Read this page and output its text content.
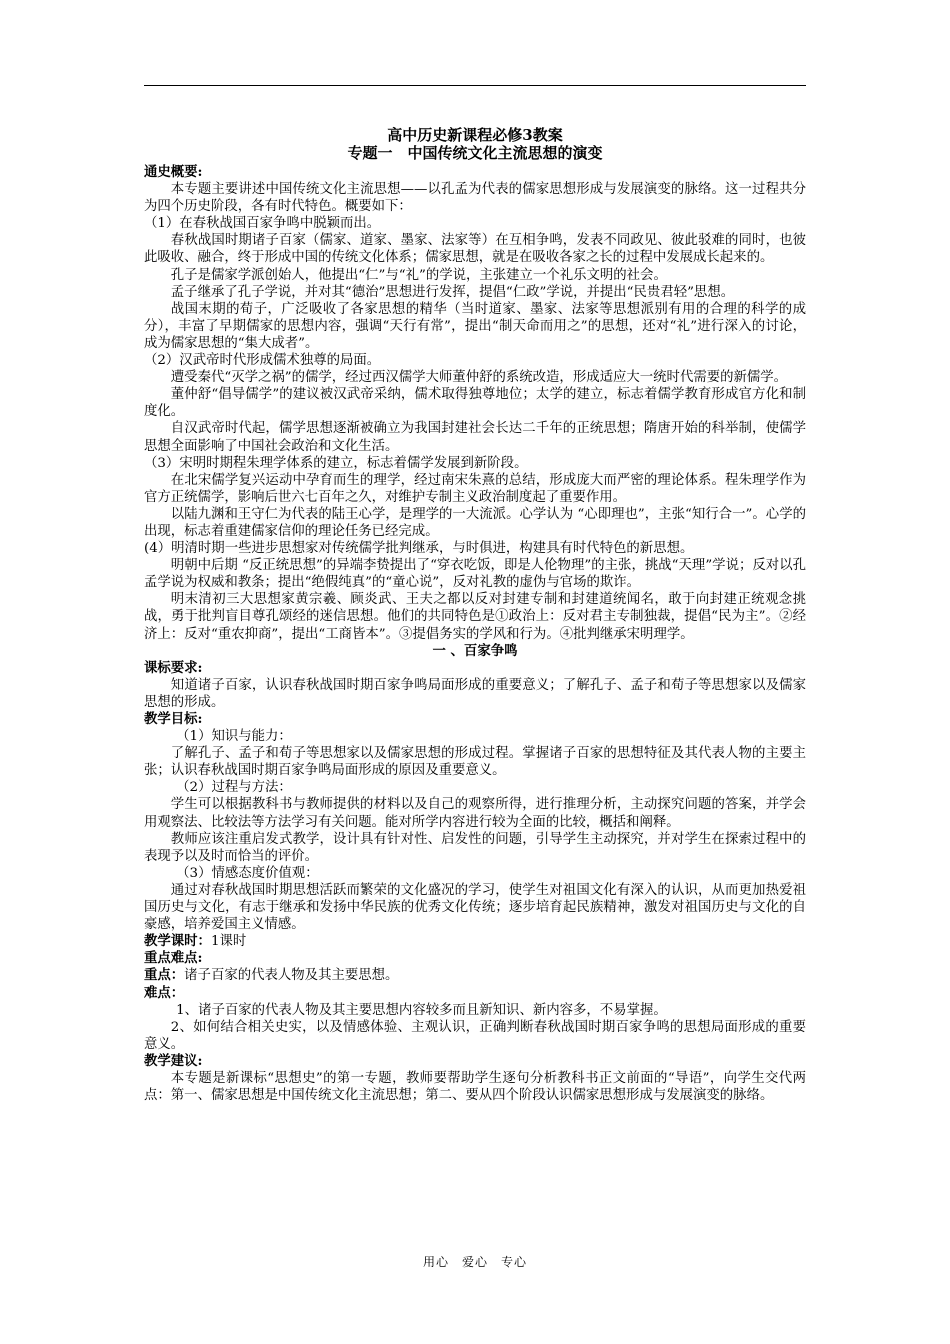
高中历史新课程必修3教案
专题一　中国传统文化主流思想的演变
通史概要:
本专题主要讲述中国传统文化主流思想——以孔孟为代表的儒家思想形成与发展演变的脉络。这一过程共分为四个历史阶段，各有时代特色。概要如下：
（1）在春秋战国百家争鸣中脱颖而出。
春秋战国时期诸子百家（儒家、道家、墨家、法家等）在互相争鸣，发表不同政见、彼此驳难的同时，也彼此吸收、融合，终于形成中国的传统文化体系；儒家思想，就是在吸收各家之长的过程中发展成长起来的。
孔子是儒家学派创始人，他提出“仁”与“礼”的学说，主张建立一个礼乐文明的社会。
孟子继承了孔子学说，并对其“德治”思想进行发挥，提倡“仁政”学说，并提出“民贵君轻”思想。
战国末期的荀子，广泛吸收了各家思想的精华（当时道家、墨家、法家等思想派别有用的合理的科学的成分），丰富了早期儒家的思想内容，强调“天行有常”，提出“制天命而用之”的思想，还对“礼”进行深入的讨论，成为儒家思想的“集大成者”。
（2）汉武帝时代形成儒术独尊的局面。
遭受秦代“灭学之祸”的儒学，经过西汉儒学大师董仲舒的系统改造，形成适应大一统时代需要的新儒学。
董仲舒“倡导儒学”的建议被汉武帝采纳，儒术取得独尊地位；太学的建立，标志着儒学教育形成官方化和制度化。
自汉武帝时代起，儒学思想逐渐被确立为我国封建社会长达二千年的正统思想；隋唐开始的科举制，使儒学思想全面影响了中国社会政治和文化生活。
（3）宋明时期程朱理学体系的建立，标志着儒学发展到新阶段。
在北宋儒学复兴运动中孕育而生的理学，经过南宋朱熹的总结，形成庞大而严密的理论体系。程朱理学作为官方正统儒学，影响后世六七百年之久，对维护专制主义政治制度起了重要作用。
以陆九渊和王守仁为代表的陆王心学，是理学的一大流派。心学认为 “心即理也”，主张“知行合一”。心学的出现，标志着重建儒家信仰的理论任务已经完成。
(4）明清时期一些进步思想家对传统儒学批判继承，与时俱进，构建具有时代特色的新思想。
明朝中后期 “反正统思想”的异端李贽提出了“穿衣吃饭，即是人伦物理”的主张，挑战“天理”学说；反对以孔孟学说为权威和教条；提出“绝假纯真”的“童心说”，反对礼教的虚伪与官场的欺诈。
明末清初三大思想家黄宗羲、顾炎武、王夫之都以反对封建专制和封建道统闻名，敢于向封建正统观念挑战，勇于批判盲目尊孔颂经的迷信思想。他们的共同特色是①政治上：反对君主专制独裁，提倡“民为主”。②经济上：反对“重农抑商”，提出“工商皆本”。③提倡务实的学风和行为。④批判继承宋明理学。
一 、百家争鸣
课标要求:
知道诸子百家，认识春秋战国时期百家争鸣局面形成的重要意义；了解孔子、孟子和荀子等思想家以及儒家思想的形成。
教学目标:
（1）知识与能力：
了解孔子、孟子和荀子等思想家以及儒家思想的形成过程。掌握诸子百家的思想特征及其代表人物的主要主张；认识春秋战国时期百家争鸣局面形成的原因及重要意义。
（2）过程与方法：
学生可以根据教科书与教师提供的材料以及自己的观察所得，进行推理分析，主动探究问题的答案，并学会用观察法、比较法等方法学习有关问题。能对所学内容进行较为全面的比较，概括和阐释。
教师应该注重启发式教学，设计具有针对性、启发性的问题，引导学生主动探究，并对学生在探索过程中的表现予以及时而恰当的评价。
（3）情感态度价值观：
通过对春秋战国时期思想活跃而繁荣的文化盛况的学习，使学生对祖国文化有深入的认识，从而更加热爱祖国历史与文化，有志于继承和发扬中华民族的优秀文化传统；逐步培育起民族精神，激发对祖国历史与文化的自豪感，培养爱国主义情感。
教学课时：1课时
重点难点:
重点：诸子百家的代表人物及其主要思想。
难点：
1、诸子百家的代表人物及其主要思想内容较多而且新知识、新内容多，不易掌握。
2、如何结合相关史实，以及情感体验、主观认识，正确判断春秋战国时期百家争鸣的思想局面形成的重要意义。
教学建议:
本专题是新课标“思想史”的第一专题，教师要帮助学生逐句分析教科书正文前面的“导语”，向学生交代两点：第一、儒家思想是中国传统文化主流思想；第二、要从四个阶段认识儒家思想形成与发展演变的脉络。
用心　爱心　专心
